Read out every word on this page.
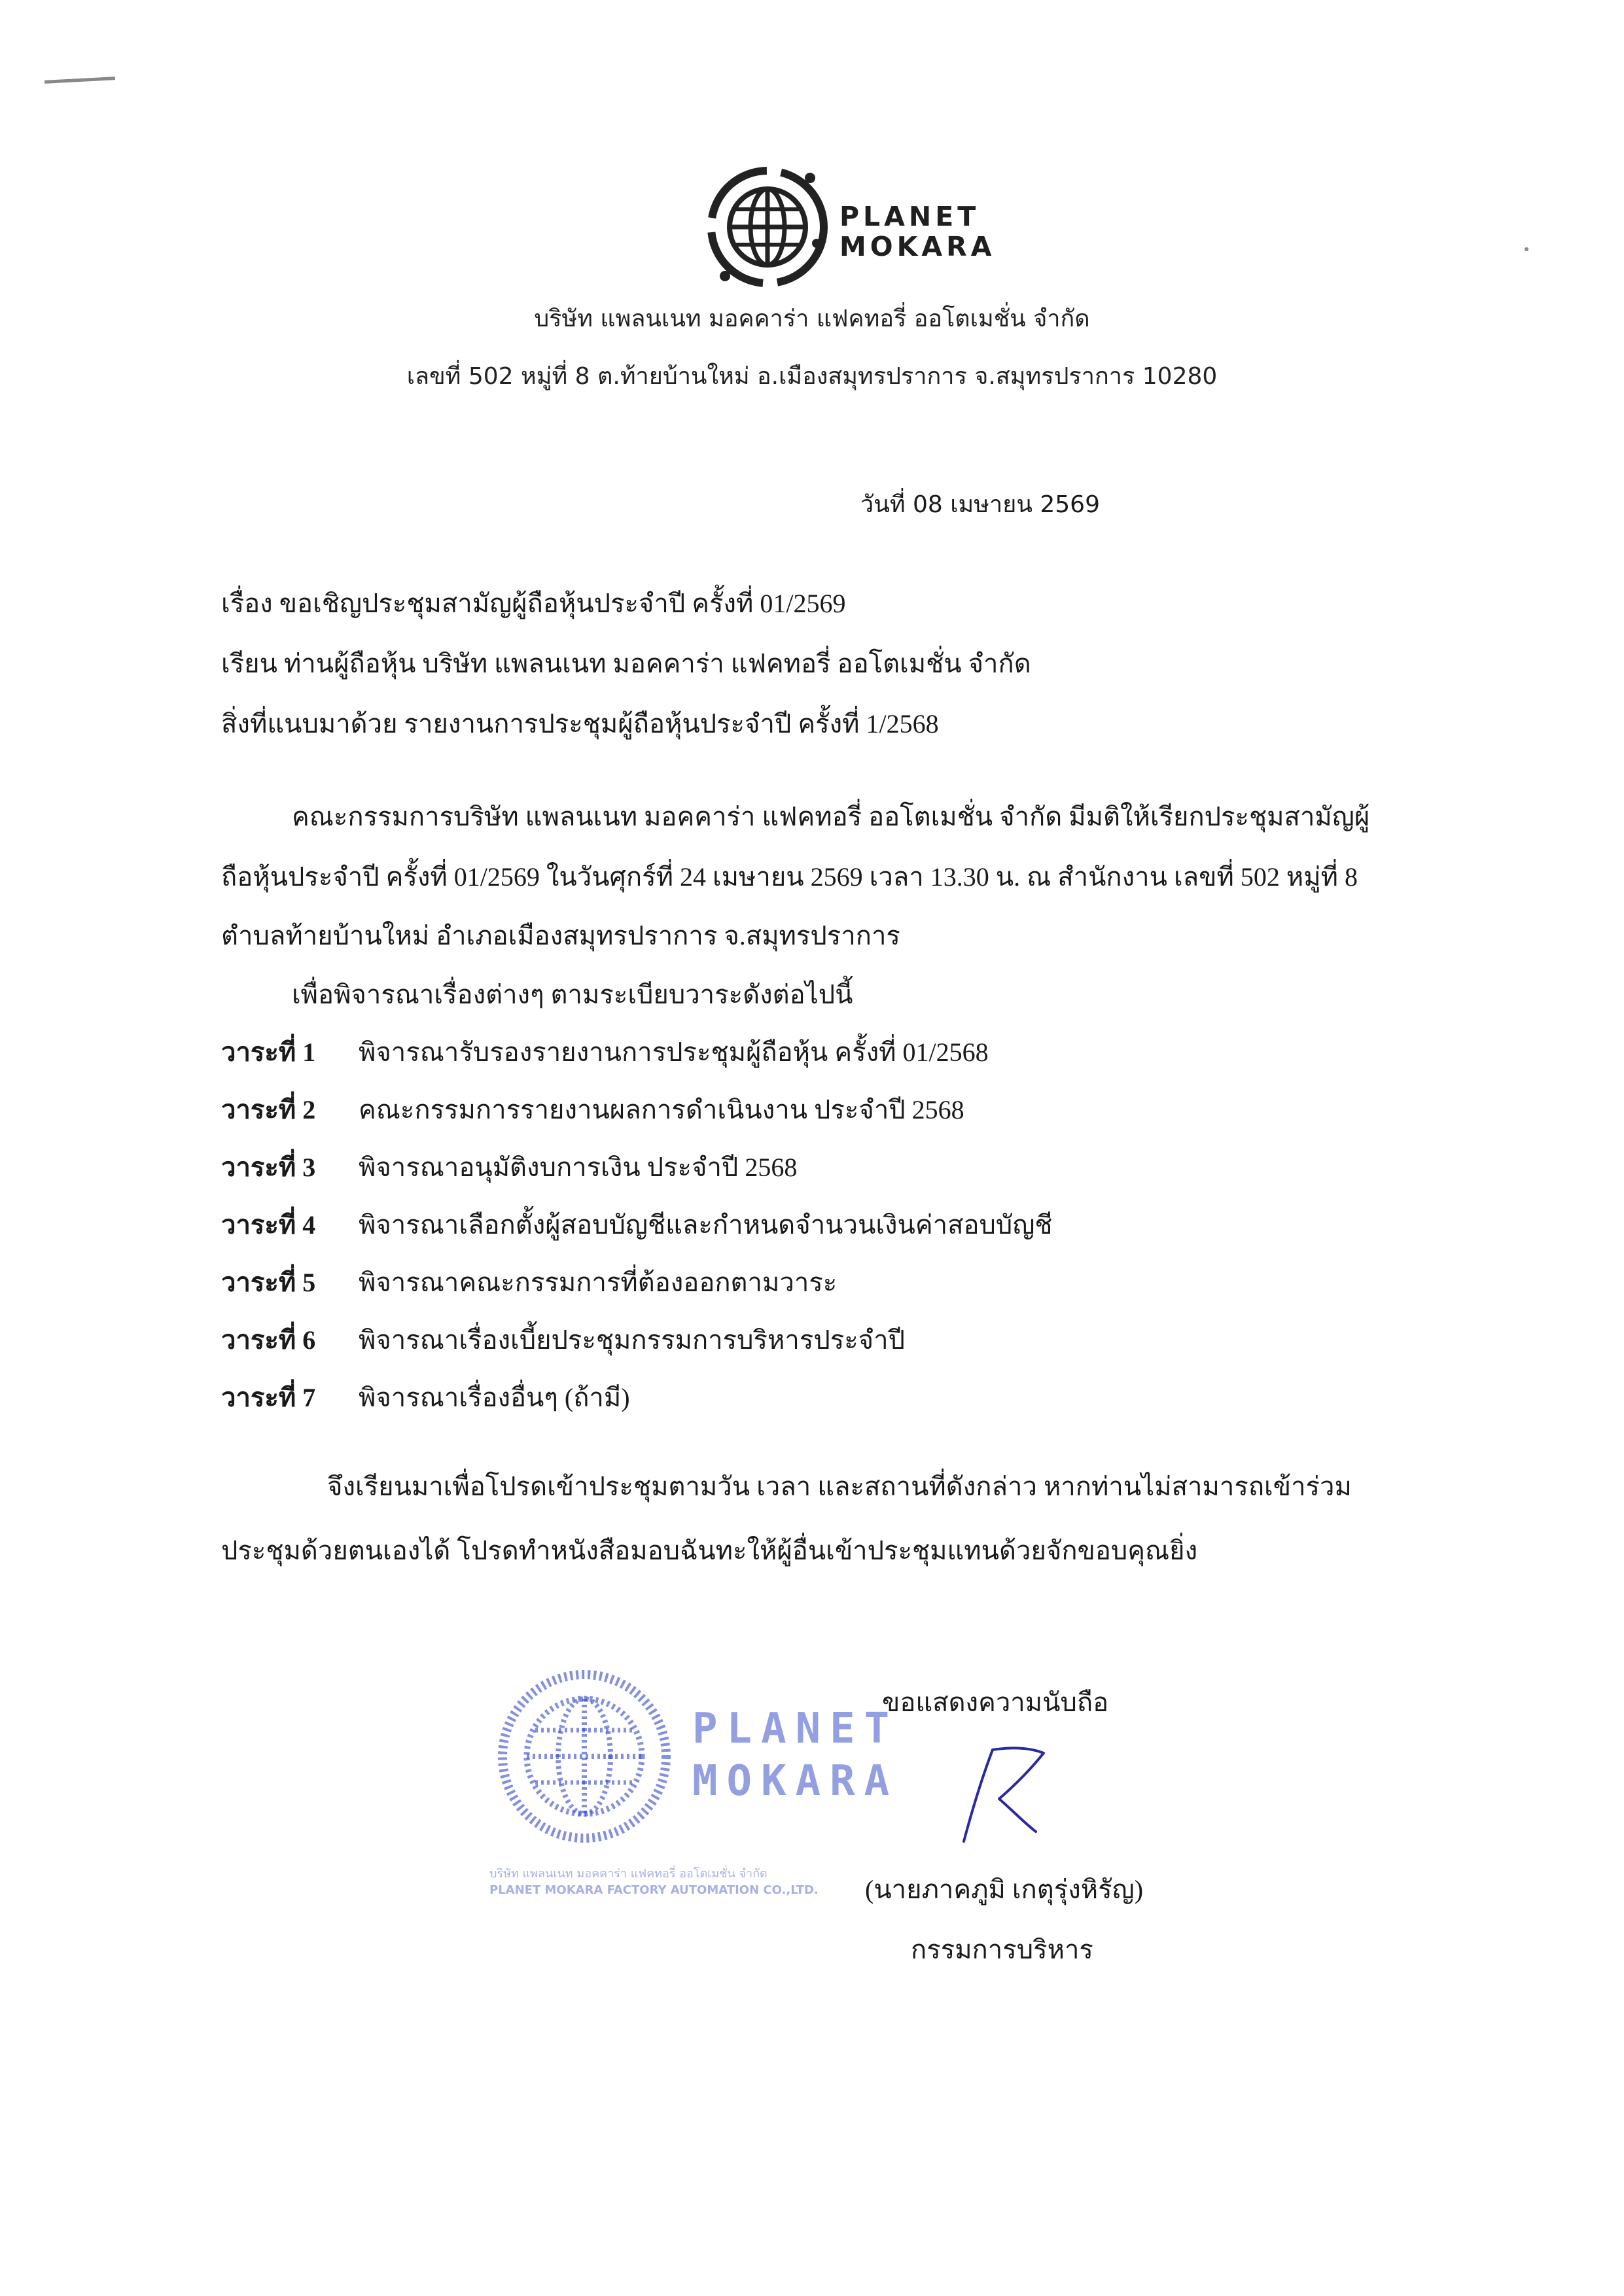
PLANET
MOKARA
บริษัท แพลนเนท มอคคาร่า แฟคทอรี่ ออโตเมชั่น จำกัด
เลขที่ 502 หมู่ที่ 8 ต.ท้ายบ้านใหม่ อ.เมืองสมุทรปราการ จ.สมุทรปราการ 10280
วันที่ 08 เมษายน 2569
เรื่อง ขอเชิญประชุมสามัญผู้ถือหุ้นประจำปี ครั้งที่ 01/2569
เรียน ท่านผู้ถือหุ้น บริษัท แพลนเนท มอคคาร่า แฟคทอรี่ ออโตเมชั่น จำกัด
สิ่งที่แนบมาด้วย รายงานการประชุมผู้ถือหุ้นประจำปี ครั้งที่ 1/2568
คณะกรรมการบริษัท แพลนเนท มอคคาร่า แฟคทอรี่ ออโตเมชั่น จำกัด มีมติให้เรียกประชุมสามัญผู้
ถือหุ้นประจำปี ครั้งที่ 01/2569 ในวันศุกร์ที่ 24 เมษายน 2569 เวลา 13.30 น. ณ สำนักงาน เลขที่ 502 หมู่ที่ 8
ตำบลท้ายบ้านใหม่ อำเภอเมืองสมุทรปราการ จ.สมุทรปราการ
เพื่อพิจารณาเรื่องต่างๆ ตามระเบียบวาระดังต่อไปนี้
วาระที่ 1 พิจารณารับรองรายงานการประชุมผู้ถือหุ้น ครั้งที่ 01/2568
วาระที่ 2 คณะกรรมการรายงานผลการดำเนินงาน ประจำปี 2568
วาระที่ 3 พิจารณาอนุมัติงบการเงิน ประจำปี 2568
วาระที่ 4 พิจารณาเลือกตั้งผู้สอบบัญชีและกำหนดจำนวนเงินค่าสอบบัญชี
วาระที่ 5 พิจารณาคณะกรรมการที่ต้องออกตามวาระ
วาระที่ 6 พิจารณาเรื่องเบี้ยประชุมกรรมการบริหารประจำปี
วาระที่ 7 พิจารณาเรื่องอื่นๆ (ถ้ามี)
จึงเรียนมาเพื่อโปรดเข้าประชุมตามวัน เวลา และสถานที่ดังกล่าว หากท่านไม่สามารถเข้าร่วม
ประชุมด้วยตนเองได้ โปรดทำหนังสือมอบฉันทะให้ผู้อื่นเข้าประชุมแทนด้วยจักขอบคุณยิ่ง
PLANET
MOKARA
บริษัท แพลนเนท มอคคาร่า แฟคทอรี่ ออโตเมชั่น จำกัด
PLANET MOKARA FACTORY AUTOMATION CO.,LTD.
ขอแสดงความนับถือ
(นายภาคภูมิ เกตุรุ่งหิรัญ)
กรรมการบริหาร
